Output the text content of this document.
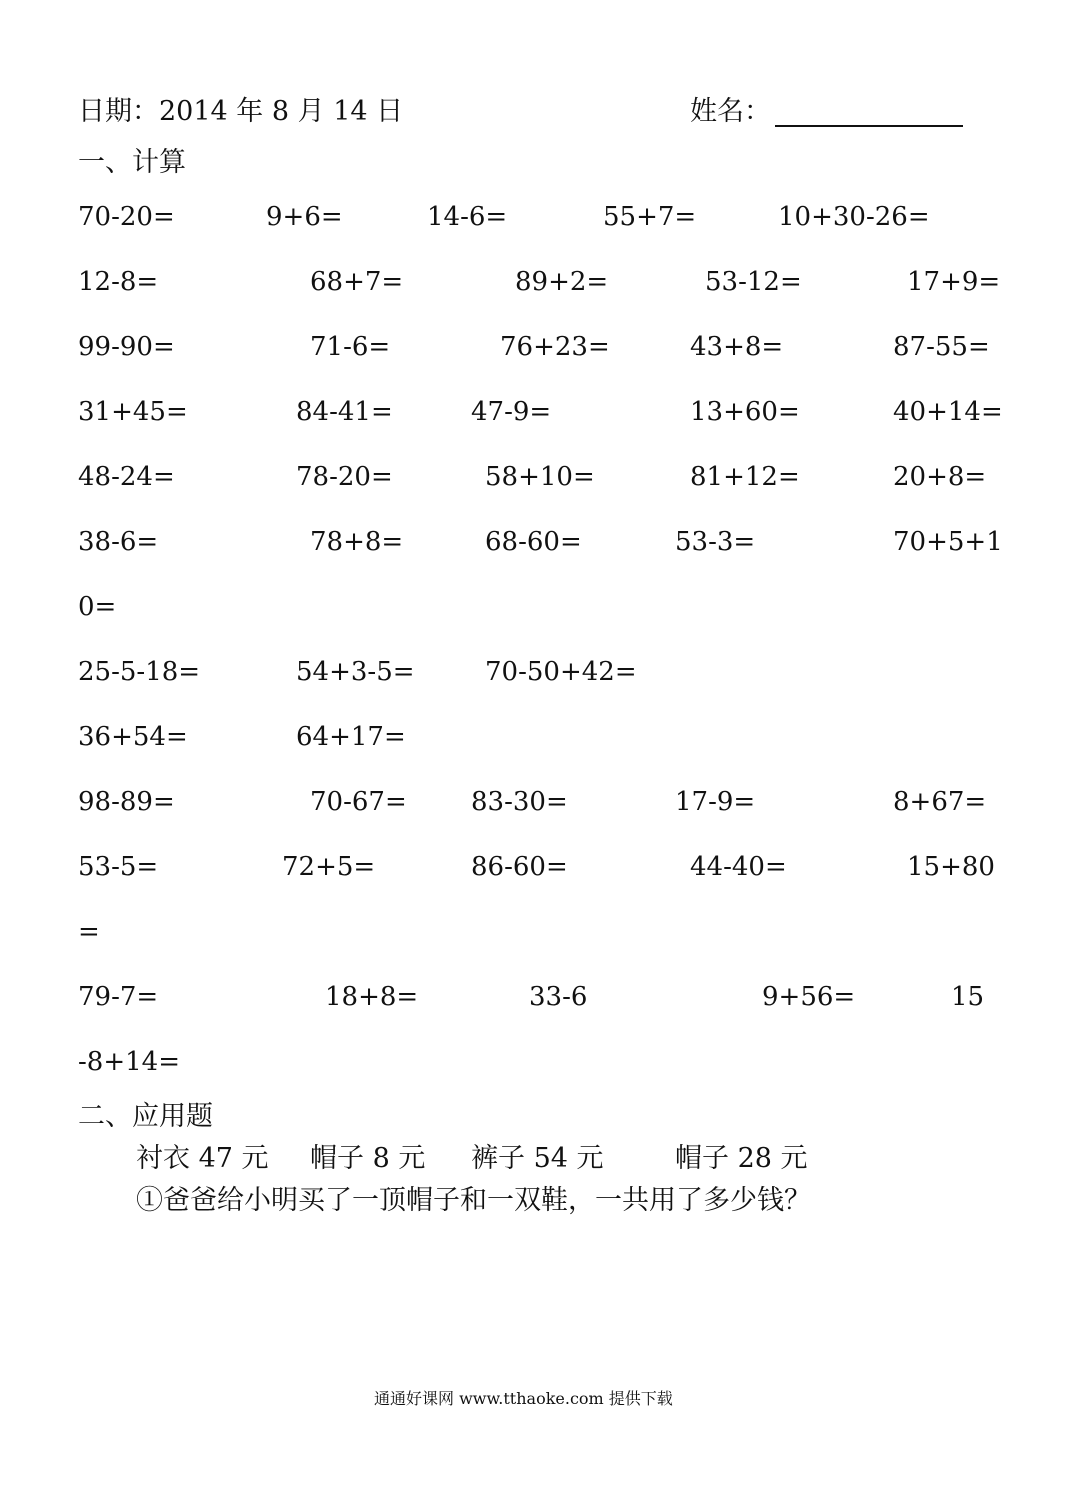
日期：2014 年 8 月 14 日	姓名：
一、计算
70-20=	9+6=	14-6=	55+7=	10+30-26=
12-8=	68+7=	89+2=	53-12=	17+9=
99-90=	71-6=	76+23=	43+8=	87-55=
31+45=	84-41=	47-9=	13+60=	40+14=
48-24=	78-20=	58+10=	81+12=	20+8=
38-6=	78+8=	68-60=	53-3=	70+5+1
0=
25-5-18=	54+3-5=	70-50+42=
36+54=	64+17=
98-89=	70-67= 83-30=	17-9=	8+67=
53-5=	72+5=	86-60=	44-40=	15+80
=
79-7=	18+8=	33-6	9+56=	15
-8+14=
二、应用题
衬衣 47 元 帽子 8 元 裤子 54 元	帽子 28 元
①爸爸给小明买了一顶帽子和一双鞋，一共用了多少钱？
通通好课网 www.tthaoke.com 提供下载
